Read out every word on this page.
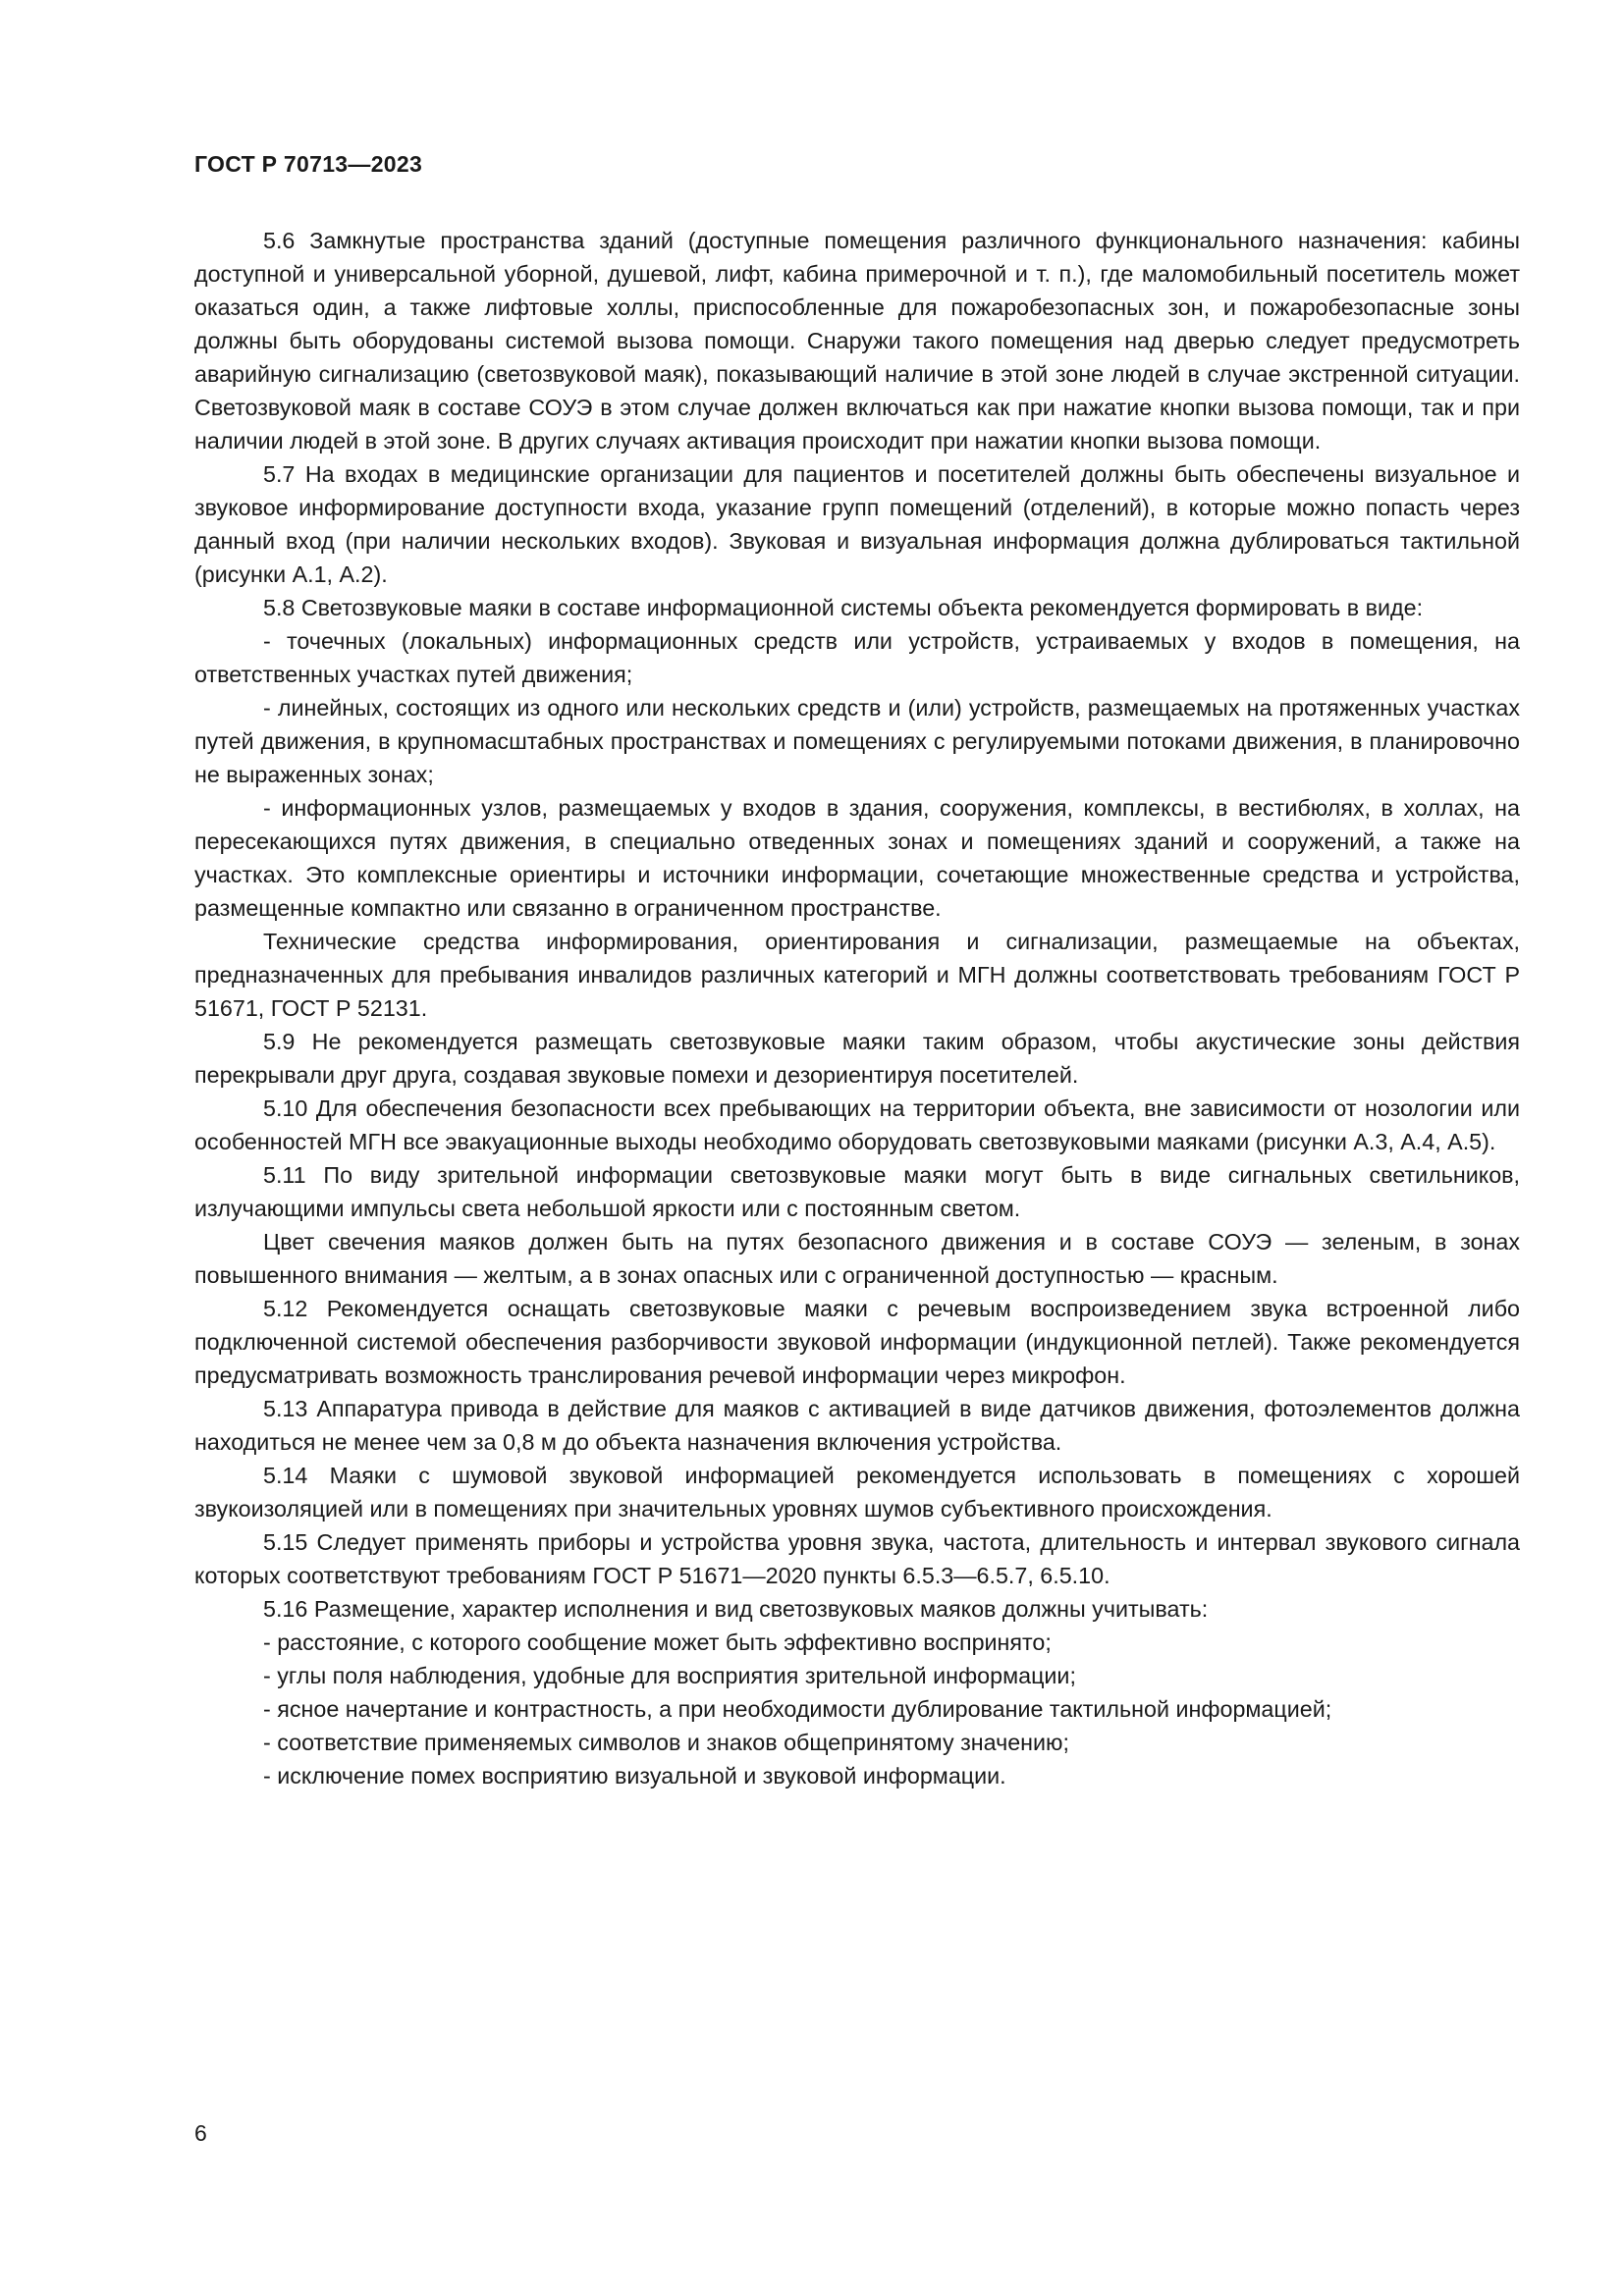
ГОСТ Р 70713—2023

5.6 Замкнутые пространства зданий (доступные помещения различного функционального назначения: кабины доступной и универсальной уборной, душевой, лифт, кабина примерочной и т. п.), где маломобильный посетитель может оказаться один, а также лифтовые холлы, приспособленные для пожаробезопасных зон, и пожаробезопасные зоны должны быть оборудованы системой вызова помощи. Снаружи такого помещения над дверью следует предусмотреть аварийную сигнализацию (светозвуковой маяк), показывающий наличие в этой зоне людей в случае экстренной ситуации. Светозвуковой маяк в составе СОУЭ в этом случае должен включаться как при нажатие кнопки вызова помощи, так и при наличии людей в этой зоне. В других случаях активация происходит при нажатии кнопки вызова помощи.

5.7 На входах в медицинские организации для пациентов и посетителей должны быть обеспечены визуальное и звуковое информирование доступности входа, указание групп помещений (отделений), в которые можно попасть через данный вход (при наличии нескольких входов). Звуковая и визуальная информация должна дублироваться тактильной (рисунки А.1, А.2).

5.8 Светозвуковые маяки в составе информационной системы объекта рекомендуется формировать в виде:

- точечных (локальных) информационных средств или устройств, устраиваемых у входов в помещения, на ответственных участках путей движения;

- линейных, состоящих из одного или нескольких средств и (или) устройств, размещаемых на протяженных участках путей движения, в крупномасштабных пространствах и помещениях с регулируемыми потоками движения, в планировочно не выраженных зонах;

- информационных узлов, размещаемых у входов в здания, сооружения, комплексы, в вестибюлях, в холлах, на пересекающихся путях движения, в специально отведенных зонах и помещениях зданий и сооружений, а также на участках. Это комплексные ориентиры и источники информации, сочетающие множественные средства и устройства, размещенные компактно или связанно в ограниченном пространстве.

Технические средства информирования, ориентирования и сигнализации, размещаемые на объектах, предназначенных для пребывания инвалидов различных категорий и МГН должны соответствовать требованиям ГОСТ Р 51671, ГОСТ Р 52131.

5.9 Не рекомендуется размещать светозвуковые маяки таким образом, чтобы акустические зоны действия перекрывали друг друга, создавая звуковые помехи и дезориентируя посетителей.

5.10 Для обеспечения безопасности всех пребывающих на территории объекта, вне зависимости от нозологии или особенностей МГН все эвакуационные выходы необходимо оборудовать светозвуковыми маяками (рисунки А.3, А.4, А.5).

5.11 По виду зрительной информации светозвуковые маяки могут быть в виде сигнальных светильников, излучающими импульсы света небольшой яркости или с постоянным светом.

Цвет свечения маяков должен быть на путях безопасного движения и в составе СОУЭ — зеленым, в зонах повышенного внимания — желтым, а в зонах опасных или с ограниченной доступностью — красным.

5.12 Рекомендуется оснащать светозвуковые маяки с речевым воспроизведением звука встроенной либо подключенной системой обеспечения разборчивости звуковой информации (индукционной петлей). Также рекомендуется предусматривать возможность транслирования речевой информации через микрофон.

5.13 Аппаратура привода в действие для маяков с активацией в виде датчиков движения, фотоэлементов должна находиться не менее чем за 0,8 м до объекта назначения включения устройства.

5.14 Маяки с шумовой звуковой информацией рекомендуется использовать в помещениях с хорошей звукоизоляцией или в помещениях при значительных уровнях шумов субъективного происхождения.

5.15 Следует применять приборы и устройства уровня звука, частота, длительность и интервал звукового сигнала которых соответствуют требованиям ГОСТ Р 51671—2020 пункты 6.5.3—6.5.7, 6.5.10.

5.16 Размещение, характер исполнения и вид светозвуковых маяков должны учитывать:

- расстояние, с которого сообщение может быть эффективно воспринято;

- углы поля наблюдения, удобные для восприятия зрительной информации;

- ясное начертание и контрастность, а при необходимости дублирование тактильной информацией;

- соответствие применяемых символов и знаков общепринятому значению;

- исключение помех восприятию визуальной и звуковой информации.

6
